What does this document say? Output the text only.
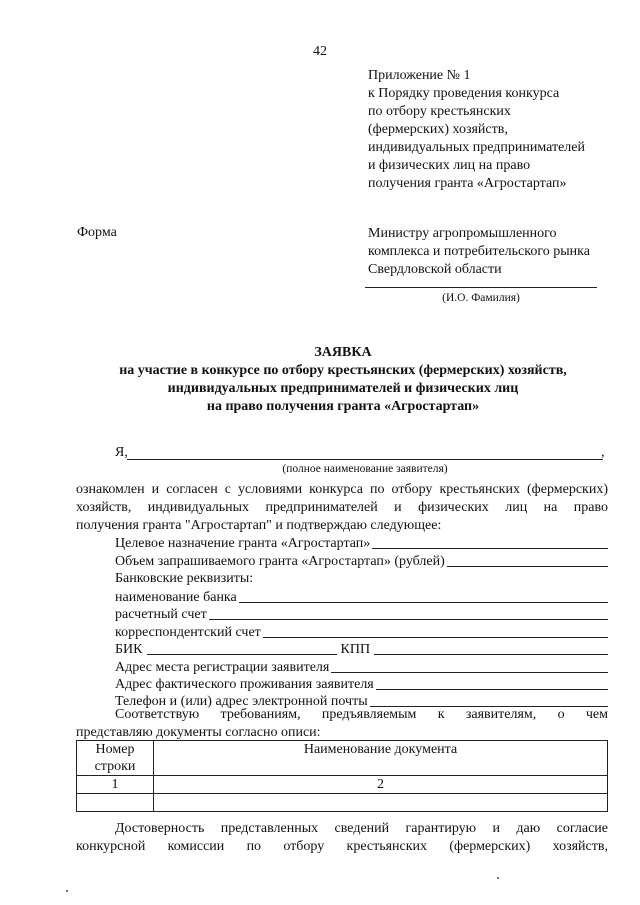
42
Приложение № 1
к Порядку проведения конкурса
по отбору крестьянских
(фермерских) хозяйств,
индивидуальных предпринимателей
и физических лиц на право
получения гранта «Агростартап»
Форма	Министру агропромышленного
комплекса и потребительского рынка
Свердловской области
(И.О. Фамилия)
ЗАЯВКА
на участие в конкурсе по отбору крестьянских (фермерских) хозяйств,
индивидуальных предпринимателей и физических лиц
на право получения гранта «Агростартап»
Я,	,
(полное наименование заявителя)
ознакомлен и согласен с условиями конкурса по отбору крестьянских (фермерских)
хозяйств, индивидуальных предпринимателей и физических лиц на право
получения гранта "Агростартап" и подтверждаю следующее:
Целевое назначение гранта «Агростартап»
Объем запрашиваемого гранта «Агростартап» (рублей)
Банковские реквизиты:
наименование банка
расчетный счет
корреспондентский счет
БИК	КПП
Адрес места регистрации заявителя
Адрес фактического проживания заявителя
Телефон и (или) адрес электронной почты
Соответствую требованиям, предъявляемым к заявителям, о чем
представляю документы согласно описи:
Номер
строки	Наименование документа
1	2

Достоверность представленных сведений гарантирую и даю согласие
конкурсной комиссии по отбору крестьянских (фермерских) хозяйств,
